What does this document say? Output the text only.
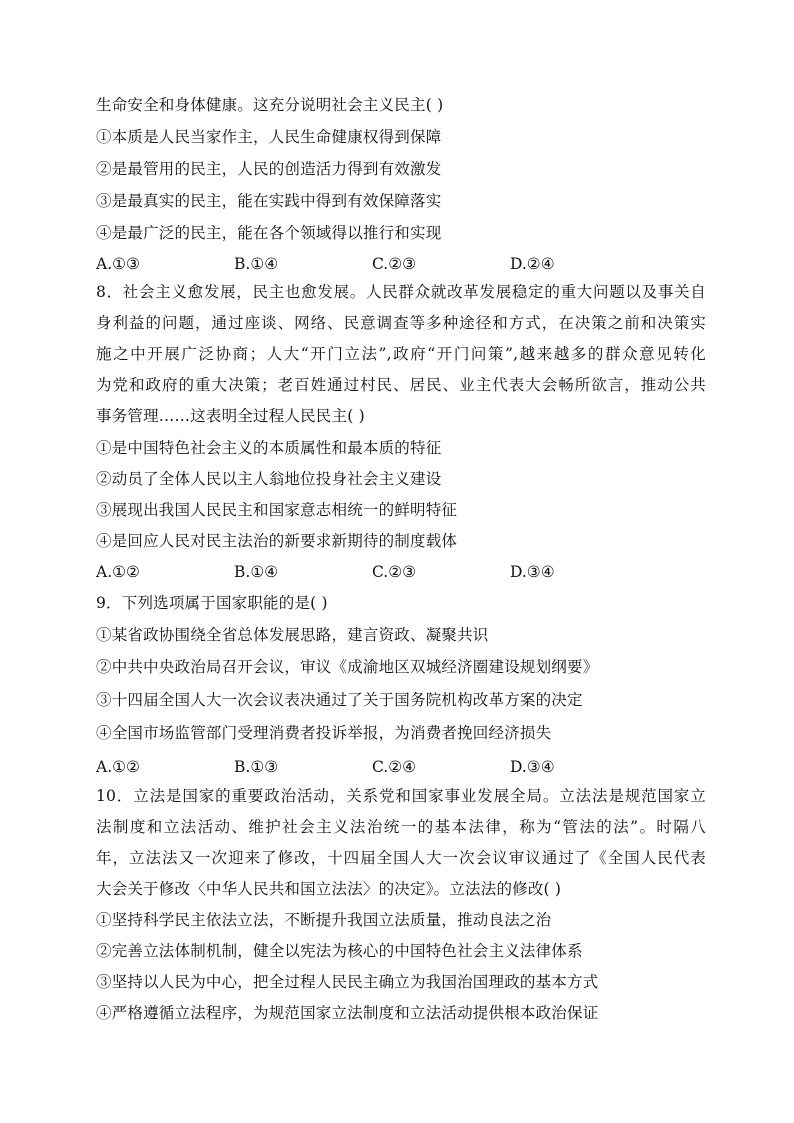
生命安全和身体健康。这充分说明社会主义民主( )
①本质是人民当家作主，人民生命健康权得到保障
②是最管用的民主，人民的创造活力得到有效激发
③是最真实的民主，能在实践中得到有效保障落实
④是最广泛的民主，能在各个领域得以推行和实现
A.①③	B.①④	C.②③	D.②④
8．社会主义愈发展，民主也愈发展。人民群众就改革发展稳定的重大问题以及事关自
身利益的问题，通过座谈、网络、民意调查等多种途径和方式，在决策之前和决策实
施之中开展广泛协商；人大“开门立法”,政府“开门问策”,越来越多的群众意见转化
为党和政府的重大决策；老百姓通过村民、居民、业主代表大会畅所欲言，推动公共
事务管理……这表明全过程人民民主( )
①是中国特色社会主义的本质属性和最本质的特征
②动员了全体人民以主人翁地位投身社会主义建设
③展现出我国人民民主和国家意志相统一的鲜明特征
④是回应人民对民主法治的新要求新期待的制度载体
A.①②	B.①④	C.②③	D.③④
9．下列选项属于国家职能的是( )
①某省政协围绕全省总体发展思路，建言资政、凝聚共识
②中共中央政治局召开会议，审议《成渝地区双城经济圈建设规划纲要》
③十四届全国人大一次会议表决通过了关于国务院机构改革方案的决定
④全国市场监管部门受理消费者投诉举报，为消费者挽回经济损失
A.①②	B.①③	C.②④	D.③④
10．立法是国家的重要政治活动，关系党和国家事业发展全局。立法法是规范国家立
法制度和立法活动、维护社会主义法治统一的基本法律，称为“管法的法”。时隔八
年，立法法又一次迎来了修改，十四届全国人大一次会议审议通过了《全国人民代表
大会关于修改〈中华人民共和国立法法〉的决定》。立法法的修改( )
①坚持科学民主依法立法，不断提升我国立法质量，推动良法之治
②完善立法体制机制，健全以宪法为核心的中国特色社会主义法律体系
③坚持以人民为中心，把全过程人民民主确立为我国治国理政的基本方式
④严格遵循立法程序，为规范国家立法制度和立法活动提供根本政治保证
